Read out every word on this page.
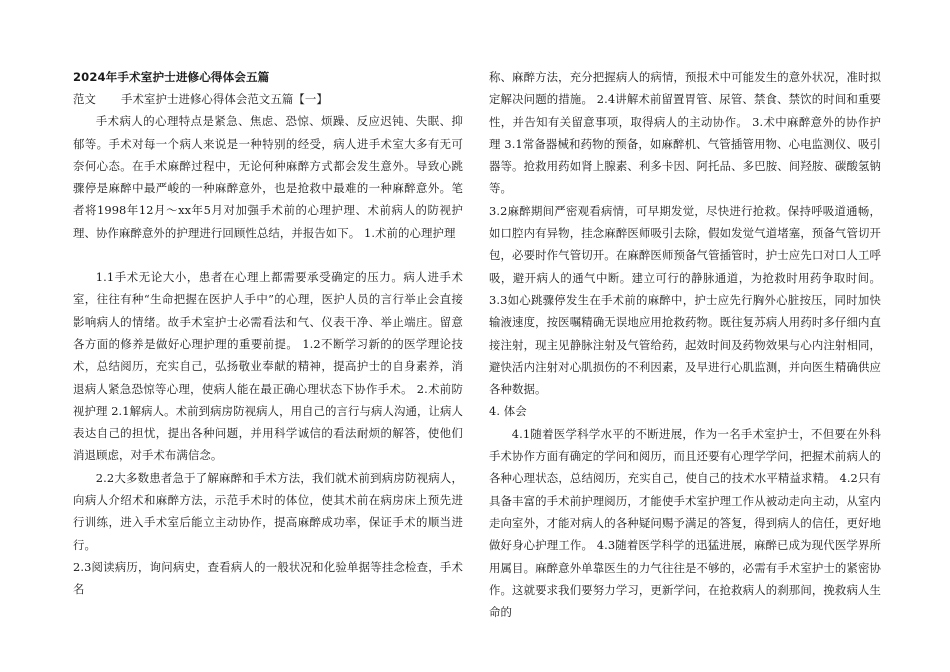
2024年手术室护士进修心得体会五篇

范文 手术室护士进修心得体会范文五篇【一】

手术病人的心理特点是紧急、焦虑、恐惊、烦躁、反应迟钝、失眠、抑郁等。手术对每一个病人来说是一种特别的经受，病人进手术室大多有无可奈何心态。在手术麻醉过程中，无论何种麻醉方式都会发生意外。导致心跳骤停是麻醉中最严峻的一种麻醉意外，也是抢救中最难的一种麻醉意外。笔者将1998年12月～xx年5月对加强手术前的心理护理、术前病人的防视护理、协作麻醉意外的护理进行回顾性总结，并报告如下。 1.术前的心理护理

1.1手术无论大小，患者在心理上都需要承受确定的压力。病人进手术室，往往有种“生命把握在医护人手中”的心理，医护人员的言行举止会直接影响病人的情绪。故手术室护士必需看法和气、仪表干净、举止端庄。留意各方面的修养是做好心理护理的重要前提。 1.2不断学习新的的医学理论技术，总结阅历，充实自己，弘扬敬业奉献的精神，提高护士的自身素养，消退病人紧急恐惊等心理，使病人能在最正确心理状态下协作手术。 2.术前防视护理 2.1解病人。术前到病房防视病人，用自己的言行与病人沟通，让病人表达自己的担忧，提出各种问题，并用科学诚信的看法耐烦的解答，使他们消退顾虑，对手术布满信念。

2.2大多数患者急于了解麻醉和手术方法，我们就术前到病房防视病人，向病人介绍术和麻醉方法，示范手术时的体位，使其术前在病房床上预先进行训练，进入手术室后能立主动协作，提高麻醉成功率，保证手术的顺当进行。

2.3阅读病历，询问病史，查看病人的一般状况和化验单据等挂念检查，手术名

称、麻醉方法，充分把握病人的病情，预报术中可能发生的意外状况，准时拟定解决问题的措施。 2.4讲解术前留置胃管、尿管、禁食、禁饮的时间和重要性，并告知有关留意事项，取得病人的主动协作。 3.术中麻醉意外的协作护理 3.1常备器械和药物的预备，如麻醉机、气管插管用物、心电监测仪、吸引器等。抢救用药如肾上腺素、利多卡因、阿托品、多巴胺、间羟胺、碳酸氢钠等。

3.2麻醉期间严密观看病情，可早期发觉，尽快进行抢救。保持呼吸道通畅，如口腔内有异物，挂念麻醉医师吸引去除，假如发觉气道堵塞，预备气管切开包，必要时作气管切开。在麻醉医师预备气管插管时，护士应先口对口人工呼吸，避开病人的通气中断。建立可行的静脉通道，为抢救时用药争取时间。 3.3如心跳骤停发生在手术前的麻醉中，护士应先行胸外心脏按压，同时加快输液速度，按医嘱精确无误地应用抢救药物。既往复苏病人用药时多仔细内直接注射，现主见静脉注射及气管给药，起效时间及药物效果与心内注射相同，避快活内注射对心肌损伤的不利因素，及早进行心肌监测，并向医生精确供应各种数据。

4. 体会

4.1随着医学科学水平的不断进展，作为一名手术室护士，不但要在外科手术协作方面有确定的学问和阅历，而且还要有心理学学问，把握术前病人的各种心理状态，总结阅历，充实自己，使自己的技术水平精益求精。 4.2只有具备丰富的手术前护理阅历，才能使手术室护理工作从被动走向主动，从室内走向室外，才能对病人的各种疑问赐予满足的答复，得到病人的信任，更好地做好身心护理工作。 4.3随着医学科学的迅猛进展，麻醉已成为现代医学界所用属目。麻醉意外单靠医生的力气往往是不够的，必需有手术室护士的紧密协作。这就要求我们要努力学习，更新学问，在抢救病人的刹那间，挽救病人生命的
